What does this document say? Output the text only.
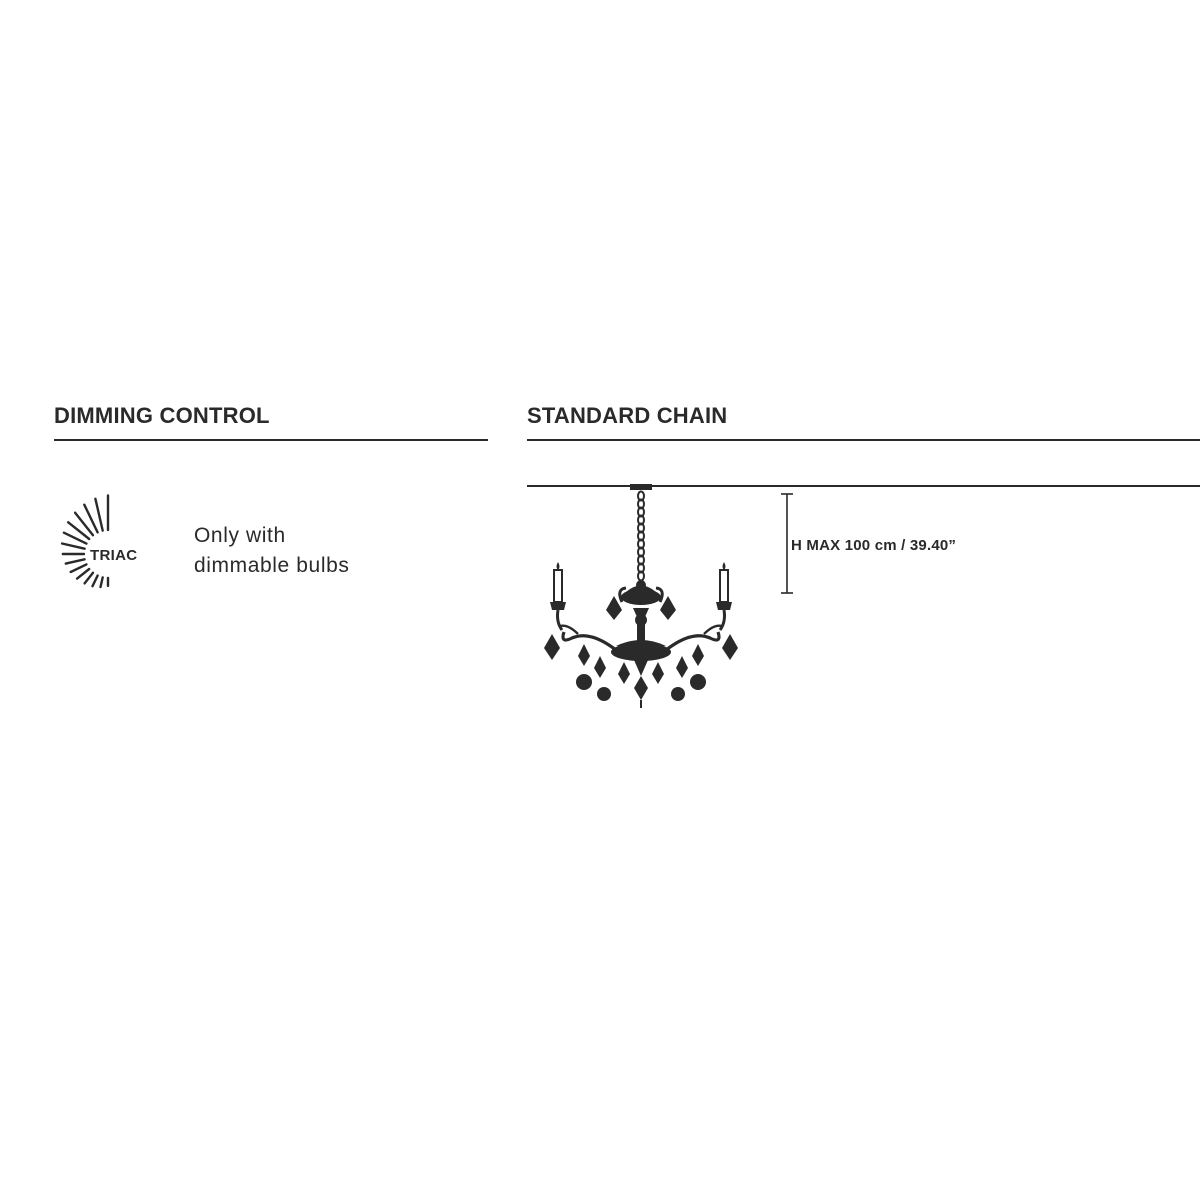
DIMMING CONTROL	STANDARD CHAIN
TRIAC
Only with
dimmable bulbs
H MAX 100 cm / 39.40”
